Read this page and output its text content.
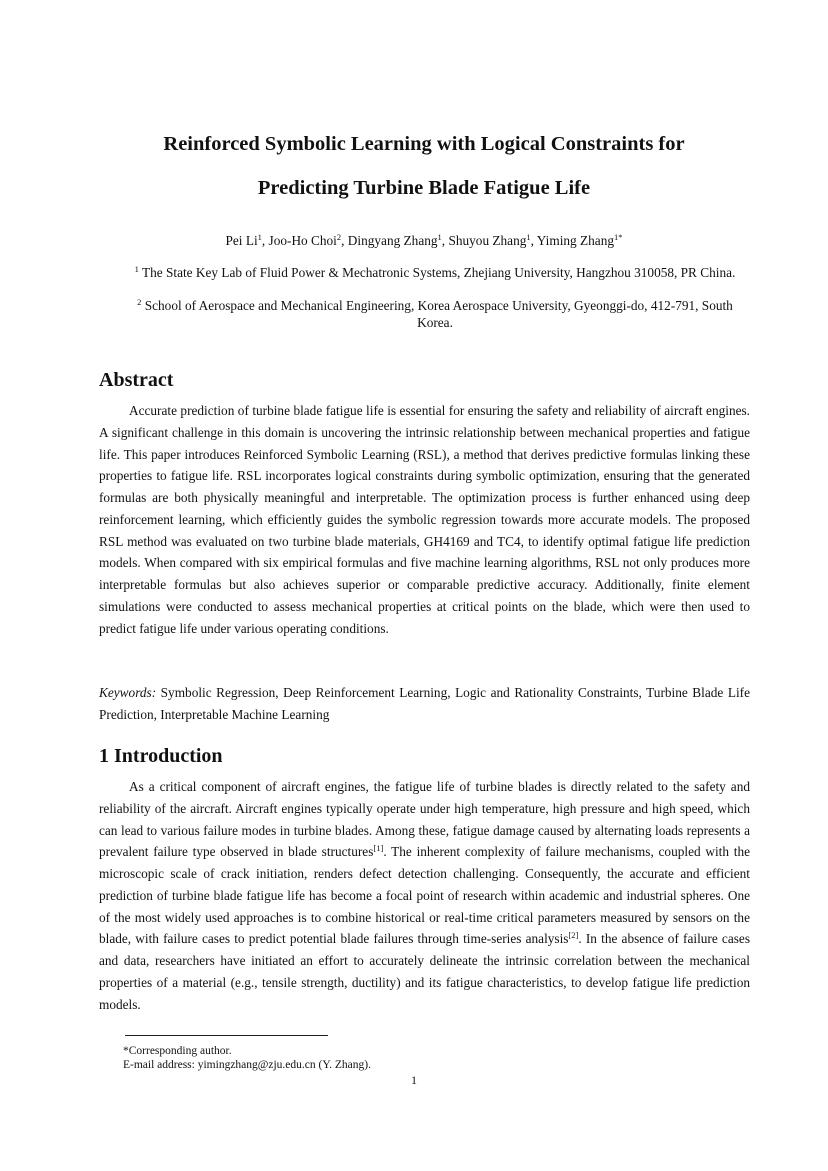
Reinforced Symbolic Learning with Logical Constraints for
Predicting Turbine Blade Fatigue Life
Pei Li$^1$, Joo-Ho Choi$^2$, Dingyang Zhang$^1$, Shuyou Zhang$^1$, Yiming Zhang$^{1*}$
$^1$ The State Key Lab of Fluid Power & Mechatronic Systems, Zhejiang University, Hangzhou 310058, PR China.
$^2$ School of Aerospace and Mechanical Engineering, Korea Aerospace University, Gyeonggi-do, 412-791, South Korea.
Abstract

Accurate prediction of turbine blade fatigue life is essential for ensuring the safety and reliability of aircraft engines. A significant challenge in this domain is uncovering the intrinsic relationship between mechanical properties and fatigue life. This paper introduces Reinforced Symbolic Learning (RSL), a method that derives predictive formulas linking these properties to fatigue life. RSL incorporates logical constraints during symbolic optimization, ensuring that the generated formulas are both physically meaningful and interpretable. The optimization process is further enhanced using deep reinforcement learning, which efficiently guides the symbolic regression towards more accurate models. The proposed RSL method was evaluated on two turbine blade materials, GH4169 and TC4, to identify optimal fatigue life prediction models. When compared with six empirical formulas and five machine learning algorithms, RSL not only produces more interpretable formulas but also achieves superior or comparable predictive accuracy. Additionally, finite element simulations were conducted to assess mechanical properties at critical points on the blade, which were then used to predict fatigue life under various operating conditions.

Keywords: Symbolic Regression, Deep Reinforcement Learning, Logic and Rationality Constraints, Turbine Blade Life Prediction, Interpretable Machine Learning

1 Introduction

As a critical component of aircraft engines, the fatigue life of turbine blades is directly related to the safety and reliability of the aircraft. Aircraft engines typically operate under high temperature, high pressure and high speed, which can lead to various failure modes in turbine blades. Among these, fatigue damage caused by alternating loads represents a prevalent failure type observed in blade structures[1]. The inherent complexity of failure mechanisms, coupled with the microscopic scale of crack initiation, renders defect detection challenging. Consequently, the accurate and efficient prediction of turbine blade fatigue life has become a focal point of research within academic and industrial spheres. One of the most widely used approaches is to combine historical or real-time critical parameters measured by sensors on the blade, with failure cases to predict potential blade failures through time-series analysis[2]. In the absence of failure cases and data, researchers have initiated an effort to accurately delineate the intrinsic correlation between the mechanical properties of a material (e.g., tensile strength, ductility) and its fatigue characteristics, to develop fatigue life prediction models.

*Corresponding author.
E-mail address: yimingzhang@zju.edu.cn (Y. Zhang).
1
